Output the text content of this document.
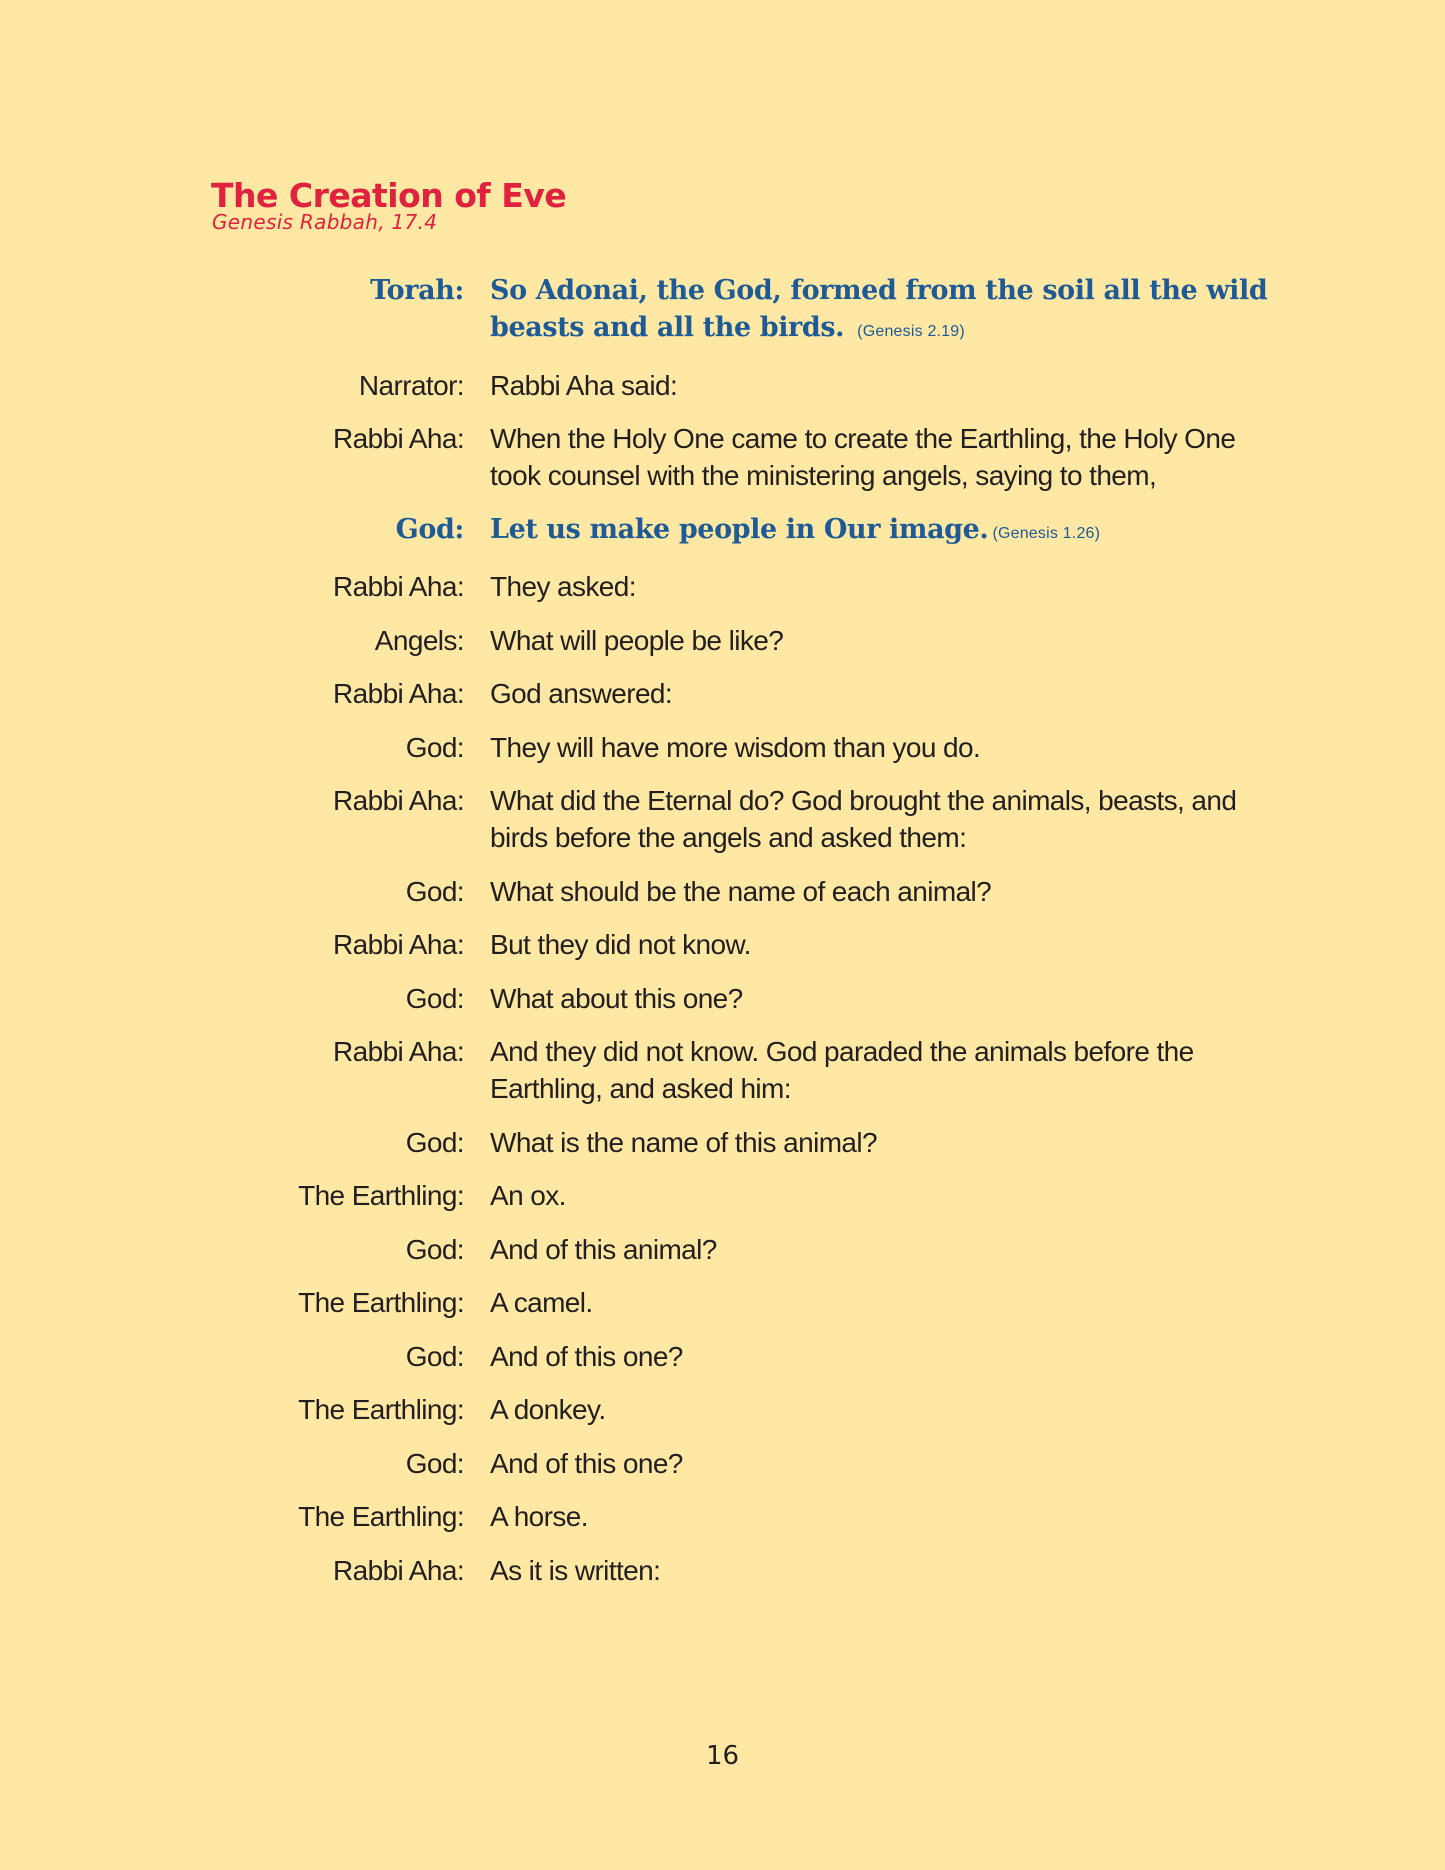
The Creation of Eve
Genesis Rabbah, 17.4
Torah: So Adonai, the God, formed from the soil all the wild beasts and all the birds. (Genesis 2.19)
Narrator: Rabbi Aha said:
Rabbi Aha: When the Holy One came to create the Earthling, the Holy One took counsel with the ministering angels, saying to them,
God: Let us make people in Our image. (Genesis 1.26)
Rabbi Aha: They asked:
Angels: What will people be like?
Rabbi Aha: God answered:
God: They will have more wisdom than you do.
Rabbi Aha: What did the Eternal do? God brought the animals, beasts, and birds before the angels and asked them:
God: What should be the name of each animal?
Rabbi Aha: But they did not know.
God: What about this one?
Rabbi Aha: And they did not know. God paraded the animals before the Earthling, and asked him:
God: What is the name of this animal?
The Earthling: An ox.
God: And of this animal?
The Earthling: A camel.
God: And of this one?
The Earthling: A donkey.
God: And of this one?
The Earthling: A horse.
Rabbi Aha: As it is written:
16
